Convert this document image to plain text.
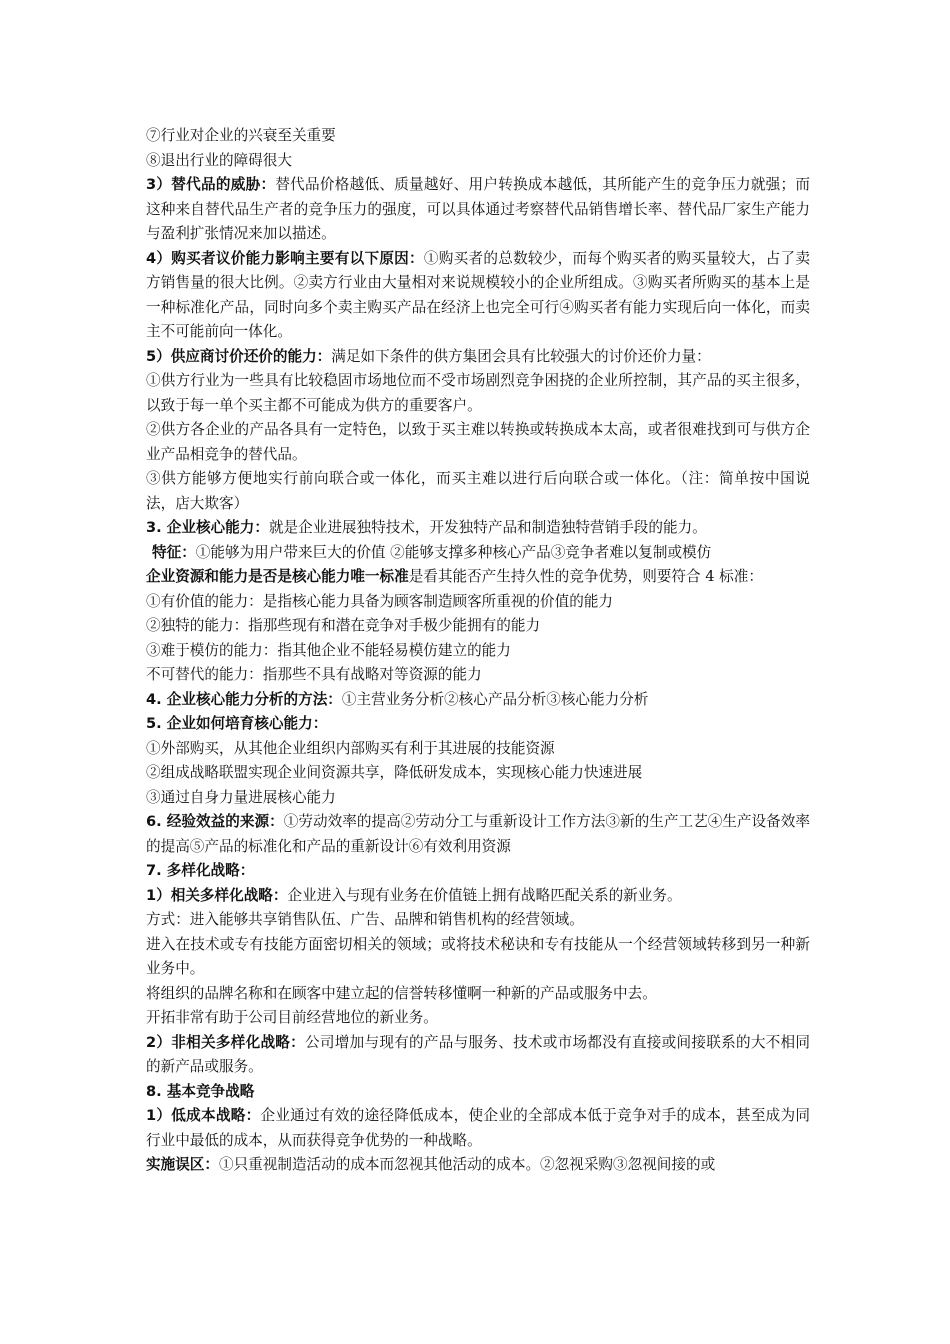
⑦行业对企业的兴衰至关重要

⑧退出行业的障碍很大

3）替代品的威胁：替代品价格越低、质量越好、用户转换成本越低，其所能产生的竞争压力就强；而这种来自替代品生产者的竞争压力的强度，可以具体通过考察替代品销售增长率、替代品厂家生产能力与盈利扩张情况来加以描述。

4）购买者议价能力影响主要有以下原因：①购买者的总数较少，而每个购买者的购买量较大，占了卖方销售量的很大比例。②卖方行业由大量相对来说规模较小的企业所组成。③购买者所购买的基本上是一种标准化产品，同时向多个卖主购买产品在经济上也完全可行④购买者有能力实现后向一体化，而卖主不可能前向一体化。

5）供应商讨价还价的能力：满足如下条件的供方集团会具有比较强大的讨价还价力量：

①供方行业为一些具有比较稳固市场地位而不受市场剧烈竞争困挠的企业所控制，其产品的买主很多，以致于每一单个买主都不可能成为供方的重要客户。

②供方各企业的产品各具有一定特色，以致于买主难以转换或转换成本太高，或者很难找到可与供方企业产品相竞争的替代品。

③供方能够方便地实行前向联合或一体化，而买主难以进行后向联合或一体化。（注：简单按中国说法，店大欺客）

3. 企业核心能力：就是企业进展独特技术，开发独特产品和制造独特营销手段的能力。

特征：①能够为用户带来巨大的价值 ②能够支撑多种核心产品③竞争者难以复制或模仿

企业资源和能力是否是核心能力唯一标准是看其能否产生持久性的竞争优势，则要符合 4 标准：

①有价值的能力：是指核心能力具备为顾客制造顾客所重视的价值的能力

②独特的能力：指那些现有和潜在竞争对手极少能拥有的能力

③难于模仿的能力：指其他企业不能轻易模仿建立的能力

不可替代的能力：指那些不具有战略对等资源的能力

4. 企业核心能力分析的方法：①主营业务分析②核心产品分析③核心能力分析

5. 企业如何培育核心能力：

①外部购买，从其他企业组织内部购买有利于其进展的技能资源

②组成战略联盟实现企业间资源共享，降低研发成本，实现核心能力快速进展

③通过自身力量进展核心能力

6. 经验效益的来源：①劳动效率的提高②劳动分工与重新设计工作方法③新的生产工艺④生产设备效率的提高⑤产品的标准化和产品的重新设计⑥有效利用资源

7. 多样化战略：

1）相关多样化战略：企业进入与现有业务在价值链上拥有战略匹配关系的新业务。

方式：进入能够共享销售队伍、广告、品牌和销售机构的经营领域。

进入在技术或专有技能方面密切相关的领域；或将技术秘诀和专有技能从一个经营领域转移到另一种新业务中。

将组织的品牌名称和在顾客中建立起的信誉转移懂啊一种新的产品或服务中去。

开拓非常有助于公司目前经营地位的新业务。

2）非相关多样化战略：公司增加与现有的产品与服务、技术或市场都没有直接或间接联系的大不相同的新产品或服务。

8. 基本竞争战略

1）低成本战略：企业通过有效的途径降低成本，使企业的全部成本低于竞争对手的成本，甚至成为同行业中最低的成本，从而获得竞争优势的一种战略。

实施误区：①只重视制造活动的成本而忽视其他活动的成本。②忽视采购③忽视间接的或
